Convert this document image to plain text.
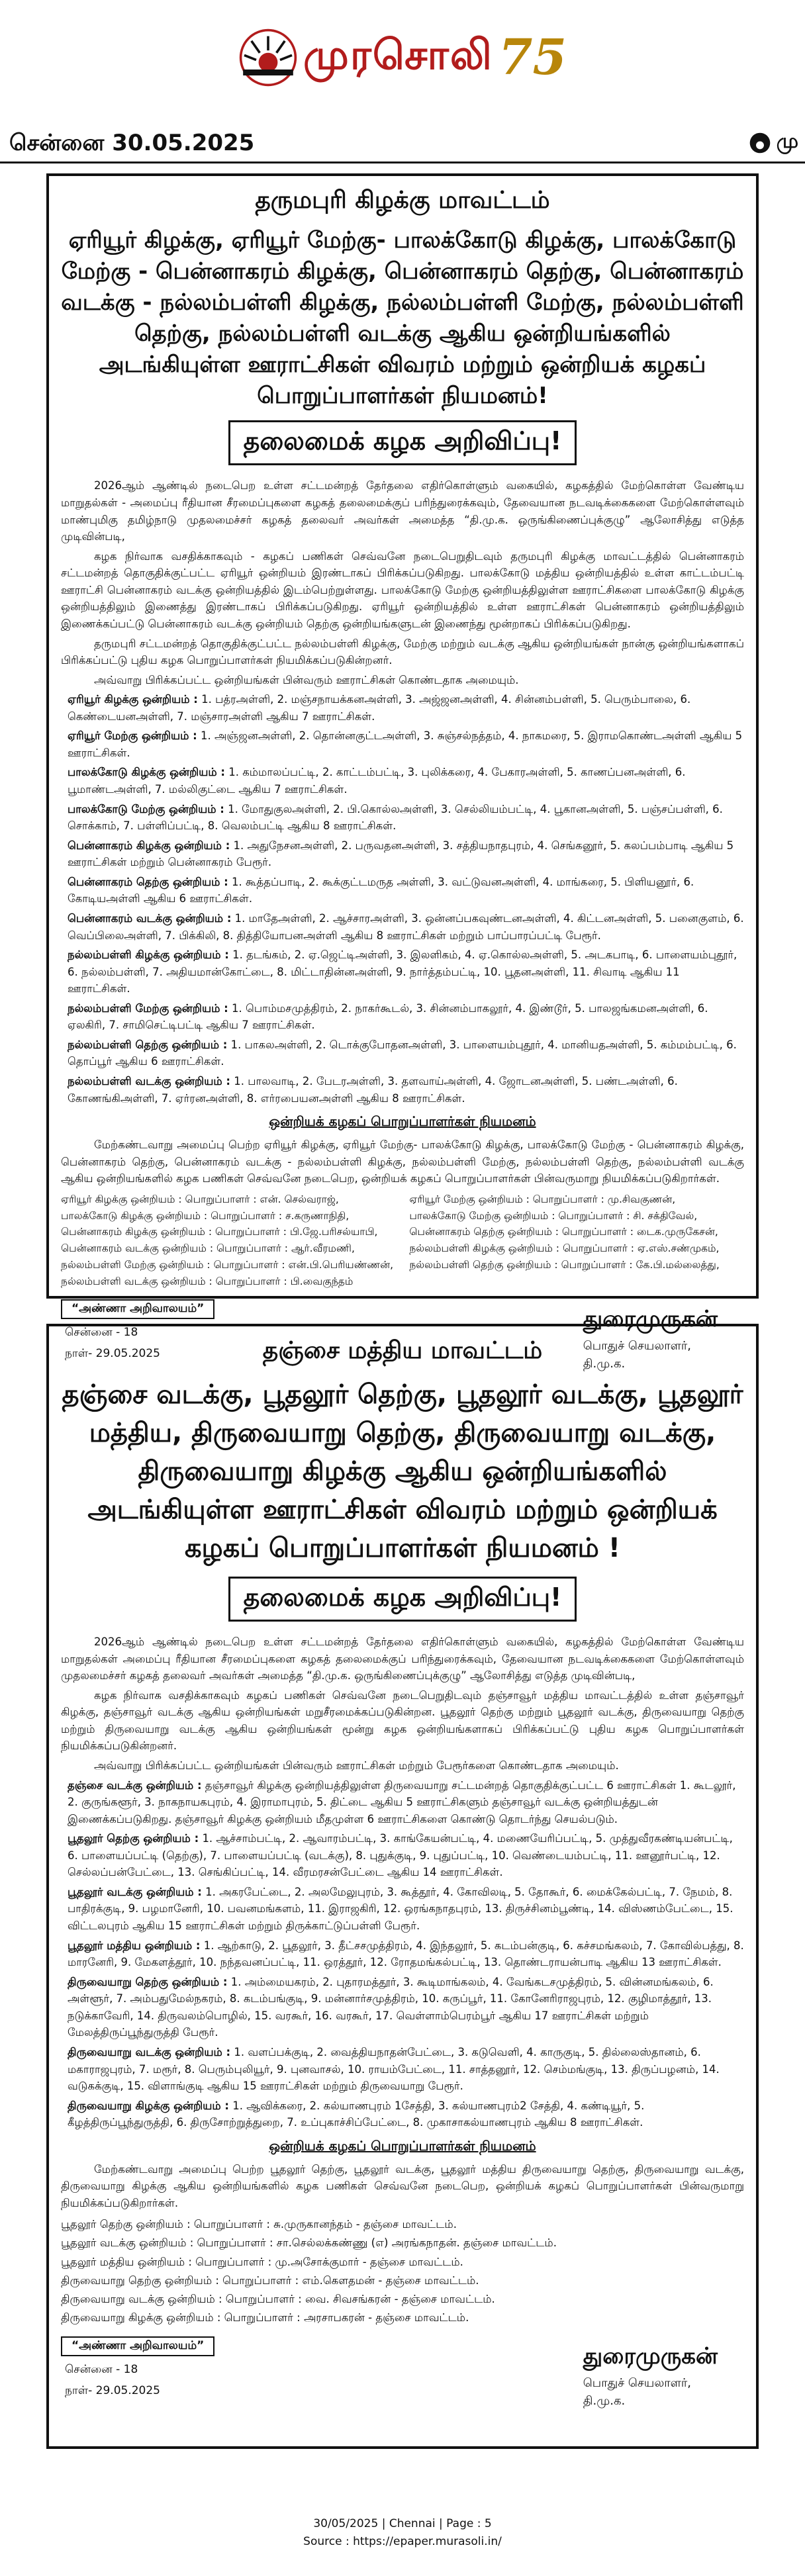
முரசொலி 75
சென்னை 30.05.2025	மு
தருமபுரி கிழக்கு மாவட்டம்
ஏரியூர் கிழக்கு, ஏரியூர் மேற்கு- பாலக்கோடு கிழக்கு, பாலக்கோடு மேற்கு - பென்னாகரம் கிழக்கு, பென்னாகரம் தெற்கு, பென்னாகரம் வடக்கு - நல்லம்பள்ளி கிழக்கு, நல்லம்பள்ளி மேற்கு, நல்லம்பள்ளி தெற்கு, நல்லம்பள்ளி வடக்கு ஆகிய ஒன்றியங்களில் அடங்கியுள்ள ஊராட்சிகள் விவரம் மற்றும் ஒன்றியக் கழகப் பொறுப்பாளர்கள் நியமனம்!
தலைமைக் கழக அறிவிப்பு!

2026ஆம் ஆண்டில் நடைபெற உள்ள சட்டமன்றத் தேர்தலை எதிர்கொள்ளும் வகையில், கழகத்தில் மேற்கொள்ள வேண்டிய மாறுதல்கள் - அமைப்பு ரீதியான சீரமைப்புகளை கழகத் தலைமைக்குப் பரிந்துரைக்கவும், தேவையான நடவடிக்கைகளை மேற்கொள்ளவும் மாண்புமிகு தமிழ்நாடு முதலமைச்சர் கழகத் தலைவர் அவர்கள் அமைத்த “தி.மு.க. ஒருங்கிணைப்புக்குழு” ஆலோசித்து எடுத்த முடிவின்படி,

கழக நிர்வாக வசதிக்காகவும் - கழகப் பணிகள் செவ்வனே நடைபெறுதிடவும் தருமபுரி கிழக்கு மாவட்டத்தில் பென்னாகரம் சட்டமன்றத் தொகுதிக்குட்பட்ட ஏரியூர் ஒன்றியம் இரண்டாகப் பிரிக்கப்படுகிறது. பாலக்கோடு மத்திய ஒன்றியத்தில் உள்ள காட்டம்பட்டி ஊராட்சி பென்னாகரம் வடக்கு ஒன்றியத்தில் இடம்பெற்றுள்ளது. பாலக்கோடு மேற்கு ஒன்றியத்திலுள்ள ஊராட்சிகளை பாலக்கோடு கிழக்கு ஒன்றியத்திலும் இணைத்து இரண்டாகப் பிரிக்கப்படுகிறது. ஏரியூர் ஒன்றியத்தில் உள்ள ஊராட்சிகள் பென்னாகரம் ஒன்றியத்திலும் இணைக்கப்பட்டு பென்னாகரம் வடக்கு ஒன்றியம் தெற்கு ஒன்றியங்களுடன் இணைந்து மூன்றாகப் பிரிக்கப்படுகிறது.

தருமபுரி சட்டமன்றத் தொகுதிக்குட்பட்ட நல்லம்பள்ளி கிழக்கு, மேற்கு மற்றும் வடக்கு ஆகிய ஒன்றியங்கள் நான்கு ஒன்றியங்களாகப் பிரிக்கப்பட்டு புதிய கழக பொறுப்பாளர்கள் நியமிக்கப்படுகின்றனர்.

அவ்வாறு பிரிக்கப்பட்ட ஒன்றியங்கள் பின்வரும் ஊராட்சிகள் கொண்டதாக அமையும்.

ஏரியூர் கிழக்கு ஒன்றியம் : 1. பத்ரஅள்ளி, 2. மஞ்சநாயக்கனஅள்ளி, 3. அஜ்ஜனஅள்ளி, 4. சின்னம்பள்ளி, 5. பெரும்பாலை, 6. கெண்டையனஅள்ளி, 7. மஞ்சாரஅள்ளி ஆகிய 7 ஊராட்சிகள்.
ஏரியூர் மேற்கு ஒன்றியம் : 1. அஞ்ஜனஅள்ளி, 2. தொன்னகுட்டஅள்ளி, 3. சுஞ்சல்நத்தம், 4. நாகமரை, 5. இராமகொண்டஅள்ளி ஆகிய 5 ஊராட்சிகள்.
பாலக்கோடு கிழக்கு ஒன்றியம் : 1. கம்மாலப்பட்டி, 2. காட்டம்பட்டி, 3. புலிக்கரை, 4. பேகாரஅள்ளி, 5. காணப்பனஅள்ளி, 6. பூமாண்டஅள்ளி, 7. மல்லிகுட்டை ஆகிய 7 ஊராட்சிகள்.
பாலக்கோடு மேற்கு ஒன்றியம் : 1. மோதுகுலஅள்ளி, 2. பி.கொல்லஅள்ளி, 3. செல்லியம்பட்டி, 4. பூகானஅள்ளி, 5. பஞ்சப்பள்ளி, 6. சொக்காம், 7. பள்ளிப்பட்டி, 8. வெலம்பட்டி ஆகிய 8 ஊராட்சிகள்.
பென்னாகரம் கிழக்கு ஒன்றியம் : 1. அதுநேசனஅள்ளி, 2. பருவதனஅள்ளி, 3. சத்தியநாதபுரம், 4. செங்கனூர், 5. கலப்பம்பாடி ஆகிய 5 ஊராட்சிகள் மற்றும் பென்னாகரம் பேரூர்.
பென்னாகரம் தெற்கு ஒன்றியம் : 1. கூத்தப்பாடி, 2. கூக்குட்டமருத அள்ளி, 3. வட்டுவனஅள்ளி, 4. மாங்கரை, 5. பிளியனூர், 6. கோடியஅள்ளி ஆகிய 6 ஊராட்சிகள்.
பென்னாகரம் வடக்கு ஒன்றியம் : 1. மாதேஅள்ளி, 2. ஆச்சாரஅள்ளி, 3. ஒன்னப்பகவுண்டனஅள்ளி, 4. கிட்டனஅள்ளி, 5. பனைகுளம், 6. வெப்பிலைஅள்ளி, 7. பிக்கிலி, 8. தித்தியோபனஅள்ளி ஆகிய 8 ஊராட்சிகள் மற்றும் பாப்பாரப்பட்டி பேரூர்.
நல்லம்பள்ளி கிழக்கு ஒன்றியம் : 1. தடங்கம், 2. ஏ.ஜெட்டிஅள்ளி, 3. இலளிகம், 4. ஏ.கொல்லஅள்ளி, 5. அடகபாடி, 6. பாளையம்புதூர், 6. நல்லம்பள்ளி, 7. அதியமான்கோட்டை, 8. மிட்டாதின்னஅள்ளி, 9. நார்த்தம்பட்டி, 10. பூதனஅள்ளி, 11. சிவாடி ஆகிய 11 ஊராட்சிகள்.
நல்லம்பள்ளி மேற்கு ஒன்றியம் : 1. பொம்மசமுத்திரம், 2. நாகர்கூடல், 3. சின்னம்பாகலூர், 4. இண்டூர், 5. பாலஜங்கமனஅள்ளி, 6. ஏலகிரி, 7. சாமிசெட்டிபட்டி ஆகிய 7 ஊராட்சிகள்.
நல்லம்பள்ளி தெற்கு ஒன்றியம் : 1. பாகலஅள்ளி, 2. டொக்குபோதனஅள்ளி, 3. பாளையம்புதூர், 4. மானியதஅள்ளி, 5. கம்மம்பட்டி, 6. தொப்பூர் ஆகிய 6 ஊராட்சிகள்.
நல்லம்பள்ளி வடக்கு ஒன்றியம் : 1. பாலவாடி, 2. பேடரஅள்ளி, 3. தளவாய்அள்ளி, 4. ஜோடனஅள்ளி, 5. பண்டஅள்ளி, 6. கோணங்கிஅள்ளி, 7. ஏர்ரனஅள்ளி, 8. எர்ரபையனஅள்ளி ஆகிய 8 ஊராட்சிகள்.
ஒன்றியக் கழகப் பொறுப்பாளர்கள் நியமனம்

மேற்கண்டவாறு அமைப்பு பெற்ற ஏரியூர் கிழக்கு, ஏரியூர் மேற்கு- பாலக்கோடு கிழக்கு, பாலக்கோடு மேற்கு - பென்னாகரம் கிழக்கு, பென்னாகரம் தெற்கு, பென்னாகரம் வடக்கு - நல்லம்பள்ளி கிழக்கு, நல்லம்பள்ளி மேற்கு, நல்லம்பள்ளி தெற்கு, நல்லம்பள்ளி வடக்கு ஆகிய ஒன்றியங்களில் கழக பணிகள் செவ்வனே நடைபெற, ஒன்றியக் கழகப் பொறுப்பாளர்கள் பின்வருமாறு நியமிக்கப்படுகிறார்கள்.

ஏரியூர் கிழக்கு ஒன்றியம் : பொறுப்பாளர் : என். செல்வராஜ்,
பாலக்கோடு கிழக்கு ஒன்றியம் : பொறுப்பாளர் : ச.கருணாநிதி,
பென்னாகரம் கிழக்கு ஒன்றியம் : பொறுப்பாளர் : பி.ஜே.பரிசல்யாபி,
பென்னாகரம் வடக்கு ஒன்றியம் : பொறுப்பாளர் : ஆர்.வீரமணி,
நல்லம்பள்ளி மேற்கு ஒன்றியம் : பொறுப்பாளர் : என்.பி.பெரியண்ணன்,
நல்லம்பள்ளி வடக்கு ஒன்றியம் : பொறுப்பாளர் : பி.வைகுந்தம்
ஏரியூர் மேற்கு ஒன்றியம் : பொறுப்பாளர் : மு.சிவகுணன்,
பாலக்கோடு மேற்கு ஒன்றியம் : பொறுப்பாளர் : சி. சக்திவேல்,
பென்னாகரம் தெற்கு ஒன்றியம் : பொறுப்பாளர் : டைக.முருகேசன்,
நல்லம்பள்ளி கிழக்கு ஒன்றியம் : பொறுப்பாளர் : ஏ.எஸ்.சண்முகம்,
நல்லம்பள்ளி தெற்கு ஒன்றியம் : பொறுப்பாளர் : கே.பி.மல்லைத்து,
“அண்ணா அறிவாலயம்”
சென்னை - 18
நாள்- 29.05.2025
துரைமுருகன்
பொதுச் செயலாளர்,
தி.மு.க.
தஞ்சை மத்திய மாவட்டம்
தஞ்சை வடக்கு, பூதலூர் தெற்கு, பூதலூர் வடக்கு, பூதலூர் மத்திய, திருவையாறு தெற்கு, திருவையாறு வடக்கு, திருவையாறு கிழக்கு ஆகிய ஒன்றியங்களில் அடங்கியுள்ள ஊராட்சிகள் விவரம் மற்றும் ஒன்றியக் கழகப் பொறுப்பாளர்கள் நியமனம் !
தலைமைக் கழக அறிவிப்பு!

2026ஆம் ஆண்டில் நடைபெற உள்ள சட்டமன்றத் தேர்தலை எதிர்கொள்ளும் வகையில், கழகத்தில் மேற்கொள்ள வேண்டிய மாறுதல்கள் அமைப்பு ரீதியான சீரமைப்புகளை கழகத் தலைமைக்குப் பரிந்துரைக்கவும், தேவையான நடவடிக்கைகளை மேற்கொள்ளவும் முதலமைச்சர் கழகத் தலைவர் அவர்கள் அமைத்த “தி.மு.க. ஒருங்கிணைப்புக்குழு” ஆலோசித்து எடுத்த முடிவின்படி,

கழக நிர்வாக வசதிக்காகவும் கழகப் பணிகள் செவ்வனே நடைபெறுதிடவும் தஞ்சாவூர் மத்திய மாவட்டத்தில் உள்ள தஞ்சாவூர் கிழக்கு, தஞ்சாவூர் வடக்கு ஆகிய ஒன்றியங்கள் மறுசீரமைக்கப்படுகின்றன. பூதலூர் தெற்கு மற்றும் பூதலூர் வடக்கு, திருவையாறு தெற்கு மற்றும் திருவையாறு வடக்கு ஆகிய ஒன்றியங்கள் மூன்று கழக ஒன்றியங்களாகப் பிரிக்கப்பட்டு புதிய கழக பொறுப்பாளர்கள் நியமிக்கப்படுகின்றனர்.

அவ்வாறு பிரிக்கப்பட்ட ஒன்றியங்கள் பின்வரும் ஊராட்சிகள் மற்றும் பேரூர்களை கொண்டதாக அமையும்.

தஞ்சை வடக்கு ஒன்றியம் : தஞ்சாவூர் கிழக்கு ஒன்றியத்திலுள்ள திருவையாறு சட்டமன்றத் தொகுதிக்குட்பட்ட 6 ஊராட்சிகள் 1. கூடலூர், 2. குருங்களூர், 3. நாகநாயகபுரம், 4. இராமாபுரம், 5. திட்டை ஆகிய 5 ஊராட்சிகளும் தஞ்சாவூர் வடக்கு ஒன்றியத்துடன் இணைக்கப்படுகிறது. தஞ்சாவூர் கிழக்கு ஒன்றியம் மீதமுள்ள 6 ஊராட்சிகளை கொண்டு தொடர்ந்து செயல்படும்.
பூதலூர் தெற்கு ஒன்றியம் : 1. ஆச்சாம்பட்டி, 2. ஆவாரம்பட்டி, 3. காங்கேயன்பட்டி, 4. மணையேரிப்பட்டி, 5. முத்துவீரகண்டியன்பட்டி, 6. பாளையப்பட்டி (தெற்கு), 7. பாளையப்பட்டி (வடக்கு), 8. புதுக்குடி, 9. புதுப்பட்டி, 10. வெண்டையம்பட்டி, 11. ஊனூர்பட்டி, 12. செல்லப்பன்பேட்டை, 13. செங்கிப்பட்டி, 14. வீரமரசன்பேட்டை ஆகிய 14 ஊராட்சிகள்.
பூதலூர் வடக்கு ஒன்றியம் : 1. அகரபேட்டை, 2. அலமேலுபுரம், 3. கூத்தூர், 4. கோவிலடி, 5. தோகூர், 6. மைக்கேல்பட்டி, 7. நேமம், 8. பாதிரக்குடி, 9. பழமானேரி, 10. பவனமங்களம், 11. இராஜகிரி, 12. ஒரங்கநாதபுரம், 13. திருச்சினம்பூண்டி, 14. விஸ்ணம்பேட்டை, 15. விட்டலபுரம் ஆகிய 15 ஊராட்சிகள் மற்றும் திருக்காட்டுப்பள்ளி பேரூர்.
பூதலூர் மத்திய ஒன்றியம் : 1. ஆற்காடு, 2. பூதலூர், 3. தீட்சசமுத்திரம், 4. இந்தலூர், 5. கடம்பன்குடி, 6. கச்சமங்கலம், 7. கோவில்பத்து, 8. மாரனேரி, 9. மேகளத்தூர், 10. நந்தவனப்பட்டி, 11. ஒரத்தூர், 12. ரோதமங்கல்பட்டி, 13. தொண்டராயன்பாடி ஆகிய 13 ஊராட்சிகள்.
திருவையாறு தெற்கு ஒன்றியம் : 1. அம்மையகரம், 2. புதாரமத்தூர், 3. கூடிமாங்கலம், 4. வேங்கடசமுத்திரம், 5. வின்னமங்கலம், 6. அள்ளூர், 7. அம்பதுமேல்நகரம், 8. கடம்பங்குடி, 9. மன்னார்சமுத்திரம், 10. கருப்பூர், 11. கோனேரிராஜபுரம், 12. குழிமாத்தூர், 13. நடுக்காவேரி, 14. திருவலம்பொழில், 15. வரகூர், 16. வரகூர், 17. வெள்ளாம்பெரம்பூர் ஆகிய 17 ஊராட்சிகள் மற்றும் மேலத்திருப்பூந்துருத்தி பேரூர்.
திருவையாறு வடக்கு ஒன்றியம் : 1. வளப்பக்குடி, 2. வைத்தியநாதன்பேட்டை, 3. கடுவெளி, 4. காருகுடி, 5. தில்லைஸ்தானம், 6. மகாராஜபுரம், 7. மரூர், 8. பெரும்புலியூர், 9. புனவாசல், 10. ராயம்பேட்டை, 11. சாத்தனூர், 12. செம்மங்குடி, 13. திருப்பழனம், 14. வடுகக்குடி, 15. விளாங்குடி ஆகிய 15 ஊராட்சிகள் மற்றும் திருவையாறு பேரூர்.
திருவையாறு கிழக்கு ஒன்றியம் : 1. ஆவிக்கரை, 2. கல்யாணபுரம் 1சேத்தி, 3. கல்யாணபுரம்2 சேத்தி, 4. கண்டியூர், 5. கீழத்திருப்பூந்துருத்தி, 6. திருசோற்றுத்துறை, 7. உப்புகாச்சிப்பேட்டை, 8. முகாசாகல்யாணபுரம் ஆகிய 8 ஊராட்சிகள்.
ஒன்றியக் கழகப் பொறுப்பாளர்கள் நியமனம்

மேற்கண்டவாறு அமைப்பு பெற்ற பூதலூர் தெற்கு, பூதலூர் வடக்கு, பூதலூர் மத்திய திருவையாறு தெற்கு, திருவையாறு வடக்கு, திருவையாறு கிழக்கு ஆகிய ஒன்றியங்களில் கழக பணிகள் செவ்வனே நடைபெற, ஒன்றியக் கழகப் பொறுப்பாளர்கள் பின்வருமாறு நியமிக்கப்படுகிறார்கள்.

பூதலூர் தெற்கு ஒன்றியம் : பொறுப்பாளர் : சு.முருகானந்தம் - தஞ்சை மாவட்டம்.
பூதலூர் வடக்கு ஒன்றியம் : பொறுப்பாளர் : சா.செல்லக்கண்ணு (எ) அரங்கநாதன். தஞ்சை மாவட்டம்.
பூதலூர் மத்திய ஒன்றியம் : பொறுப்பாளர் : மு.அசோக்குமார் - தஞ்சை மாவட்டம்.
திருவையாறு தெற்கு ஒன்றியம் : பொறுப்பாளர் : எம்.கௌதமன் - தஞ்சை மாவட்டம்.
திருவையாறு வடக்கு ஒன்றியம் : பொறுப்பாளர் : வை. சிவசங்கரன் - தஞ்சை மாவட்டம்.
திருவையாறு கிழக்கு ஒன்றியம் : பொறுப்பாளர் : அரசாபகரன் - தஞ்சை மாவட்டம்.
“அண்ணா அறிவாலயம்”
சென்னை - 18
நாள்- 29.05.2025
துரைமுருகன்
பொதுச் செயலாளர்,
தி.மு.க.
30/05/2025 | Chennai | Page : 5
Source : https://epaper.murasoli.in/
